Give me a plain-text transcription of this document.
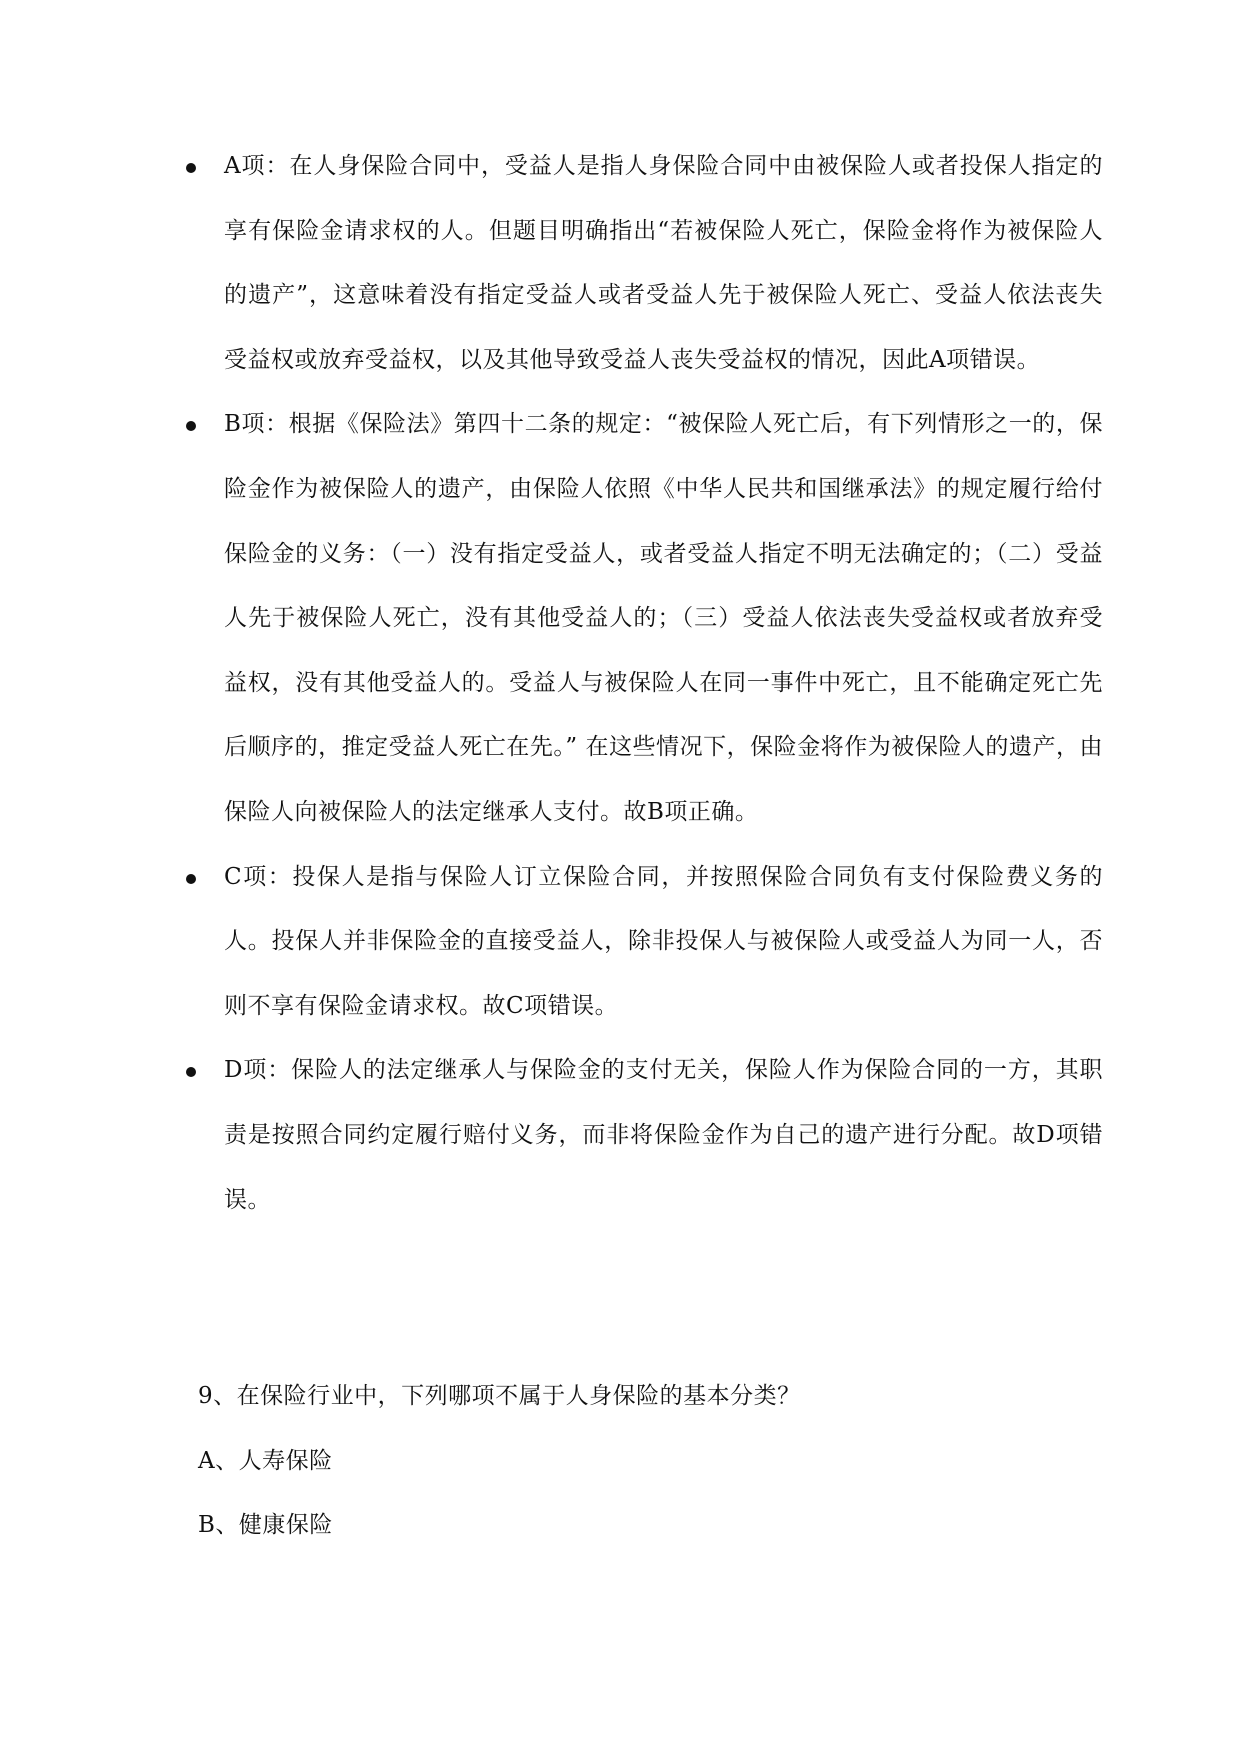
A项：在人身保险合同中，受益人是指人身保险合同中由被保险人或者投保人指定的享有保险金请求权的人。但题目明确指出“若被保险人死亡，保险金将作为被保险人的遗产”，这意味着没有指定受益人或者受益人先于被保险人死亡、受益人依法丧失受益权或放弃受益权，以及其他导致受益人丧失受益权的情况，因此A项错误。
B项：根据《保险法》第四十二条的规定：“被保险人死亡后，有下列情形之一的，保险金作为被保险人的遗产，由保险人依照《中华人民共和国继承法》的规定履行给付保险金的义务：（一）没有指定受益人，或者受益人指定不明无法确定的；（二）受益人先于被保险人死亡，没有其他受益人的；（三）受益人依法丧失受益权或者放弃受益权，没有其他受益人的。受益人与被保险人在同一事件中死亡，且不能确定死亡先后顺序的，推定受益人死亡在先。” 在这些情况下，保险金将作为被保险人的遗产，由保险人向被保险人的法定继承人支付。故B项正确。
C项：投保人是指与保险人订立保险合同，并按照保险合同负有支付保险费义务的人。投保人并非保险金的直接受益人，除非投保人与被保险人或受益人为同一人，否则不享有保险金请求权。故C项错误。
D项：保险人的法定继承人与保险金的支付无关，保险人作为保险合同的一方，其职责是按照合同约定履行赔付义务，而非将保险金作为自己的遗产进行分配。故D项错误。

9、在保险行业中，下列哪项不属于人身保险的基本分类？

A、人寿保险

B、健康保险
